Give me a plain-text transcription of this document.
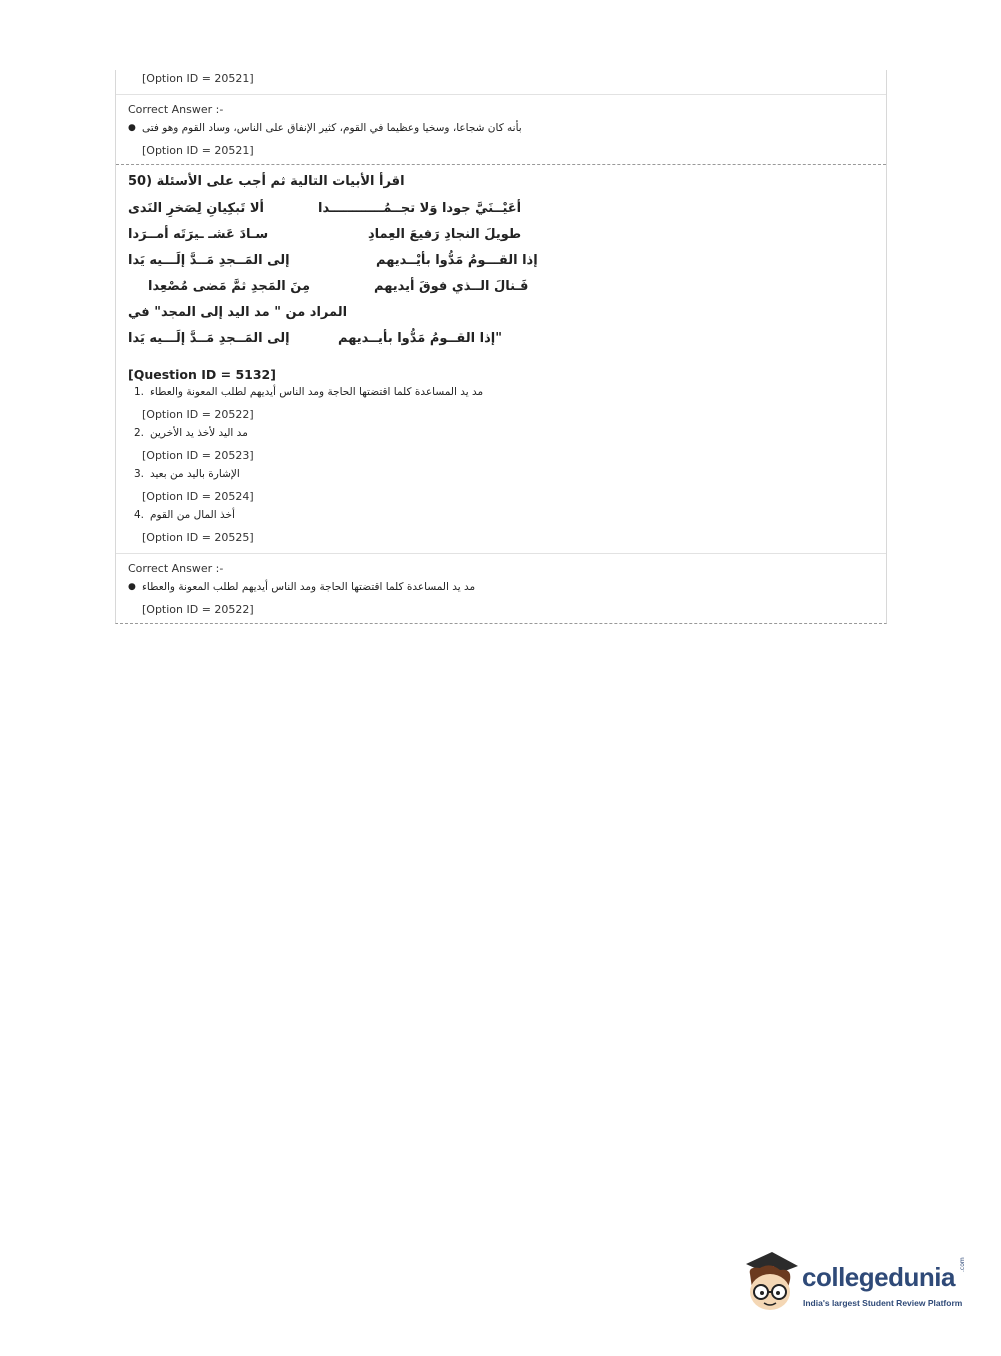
[Option ID = 20521]
Correct Answer :-
● بأنه كان شجاعا، وسخيا وعظيما في القوم، كثير الإنفاق على الناس، وساد القوم وهو فتى
[Option ID = 20521]
50) اقرأ الأبيات التالية ثم أجب على الأسئلة
ألا تَبكِيانِ لِصَخرِ النَدى	أعَيْــنَيَّ جودا وَلا تجــمُــــــــــــدا
سـادَ عَشـ ـيرَتَه أمــرَدا	طويلَ النجادِ رَفيعَ العِمادِ
إلى المَــجدِ مَــدَّ إلَـــيه يَدا	إذا القـــومُ مَدُّوا بأيْــديهم
مِنَ المَجدِ ثمَّ مَضى مُصْعِدا	فَـنالَ الــذي فوقَ أيديهم
المراد من " مد اليد إلى المجد" في
إلى المَــجدِ مَــدَّ إلَـــيه يَدا	"إذا القــومُ مَدُّوا بأيــديهم
[Question ID = 5132]
1. مد يد المساعدة كلما اقتضتها الحاجة ومد الناس أيديهم لطلب المعونة والعطاء
[Option ID = 20522]
2. مد اليد لأخذ يد الأخرين
[Option ID = 20523]
3. الإشارة باليد من بعيد
[Option ID = 20524]
4. أخذ المال من القوم
[Option ID = 20525]
Correct Answer :-
● مد يد المساعدة كلما اقتضتها الحاجة ومد الناس أيديهم لطلب المعونة والعطاء
[Option ID = 20522]
collegedunia .com
India's largest Student Review Platform
